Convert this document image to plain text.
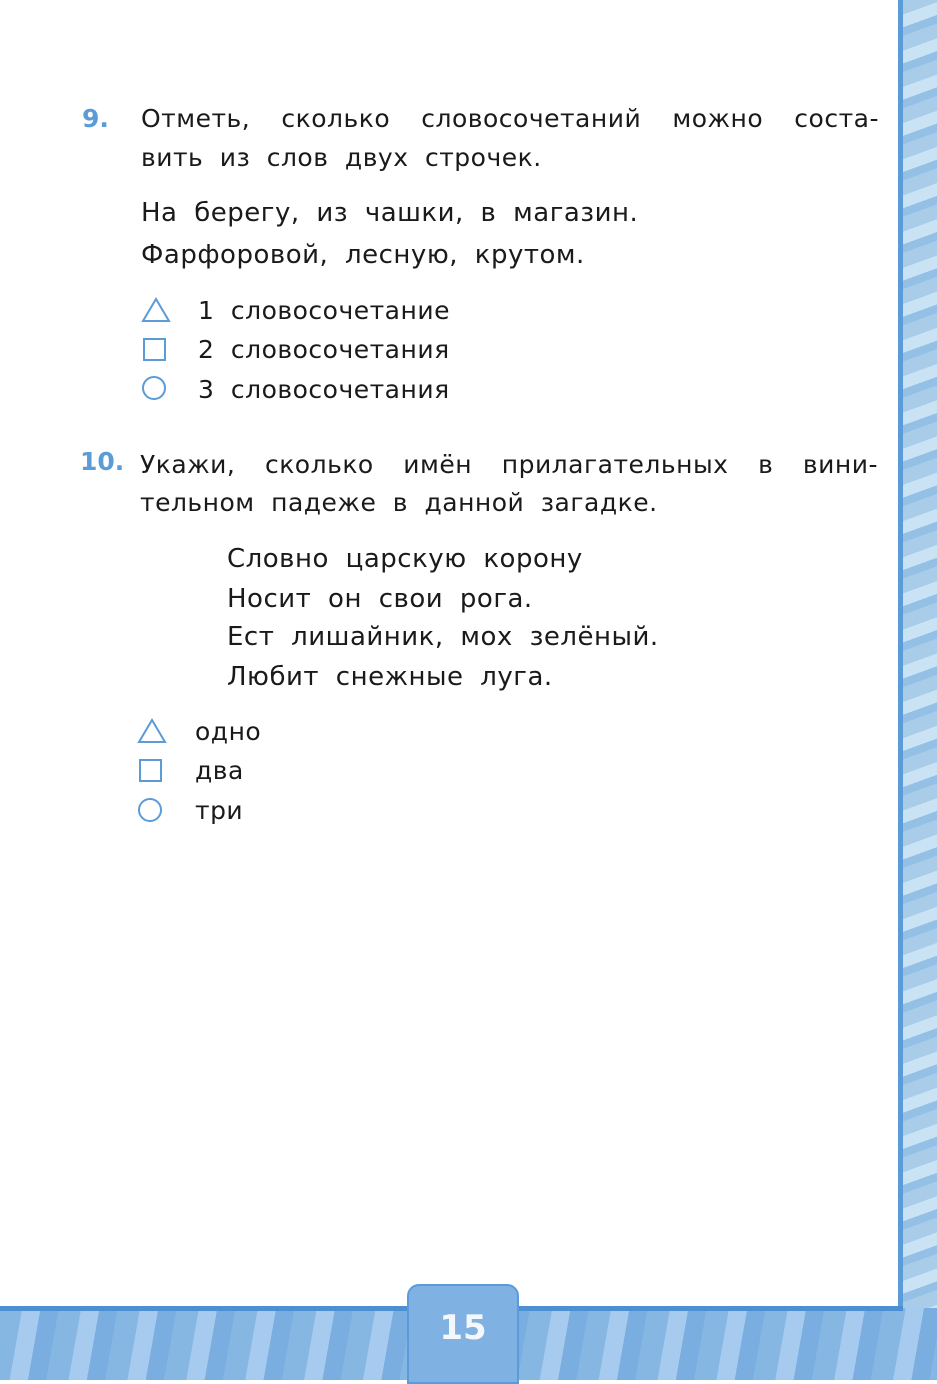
15
9. Отметь, сколько словосочетаний можно соста-
вить из слов двух строчек.
На берегу, из чашки, в магазин.
Фарфоровой, лесную, крутом.
1 словосочетание
2 словосочетания
3 словосочетания
10. Укажи, сколько имён прилагательных в вини-
тельном падеже в данной загадке.
Словно царскую корону
Носит он свои рога.
Ест лишайник, мох зелёный.
Любит снежные луга.
одно
два
три
